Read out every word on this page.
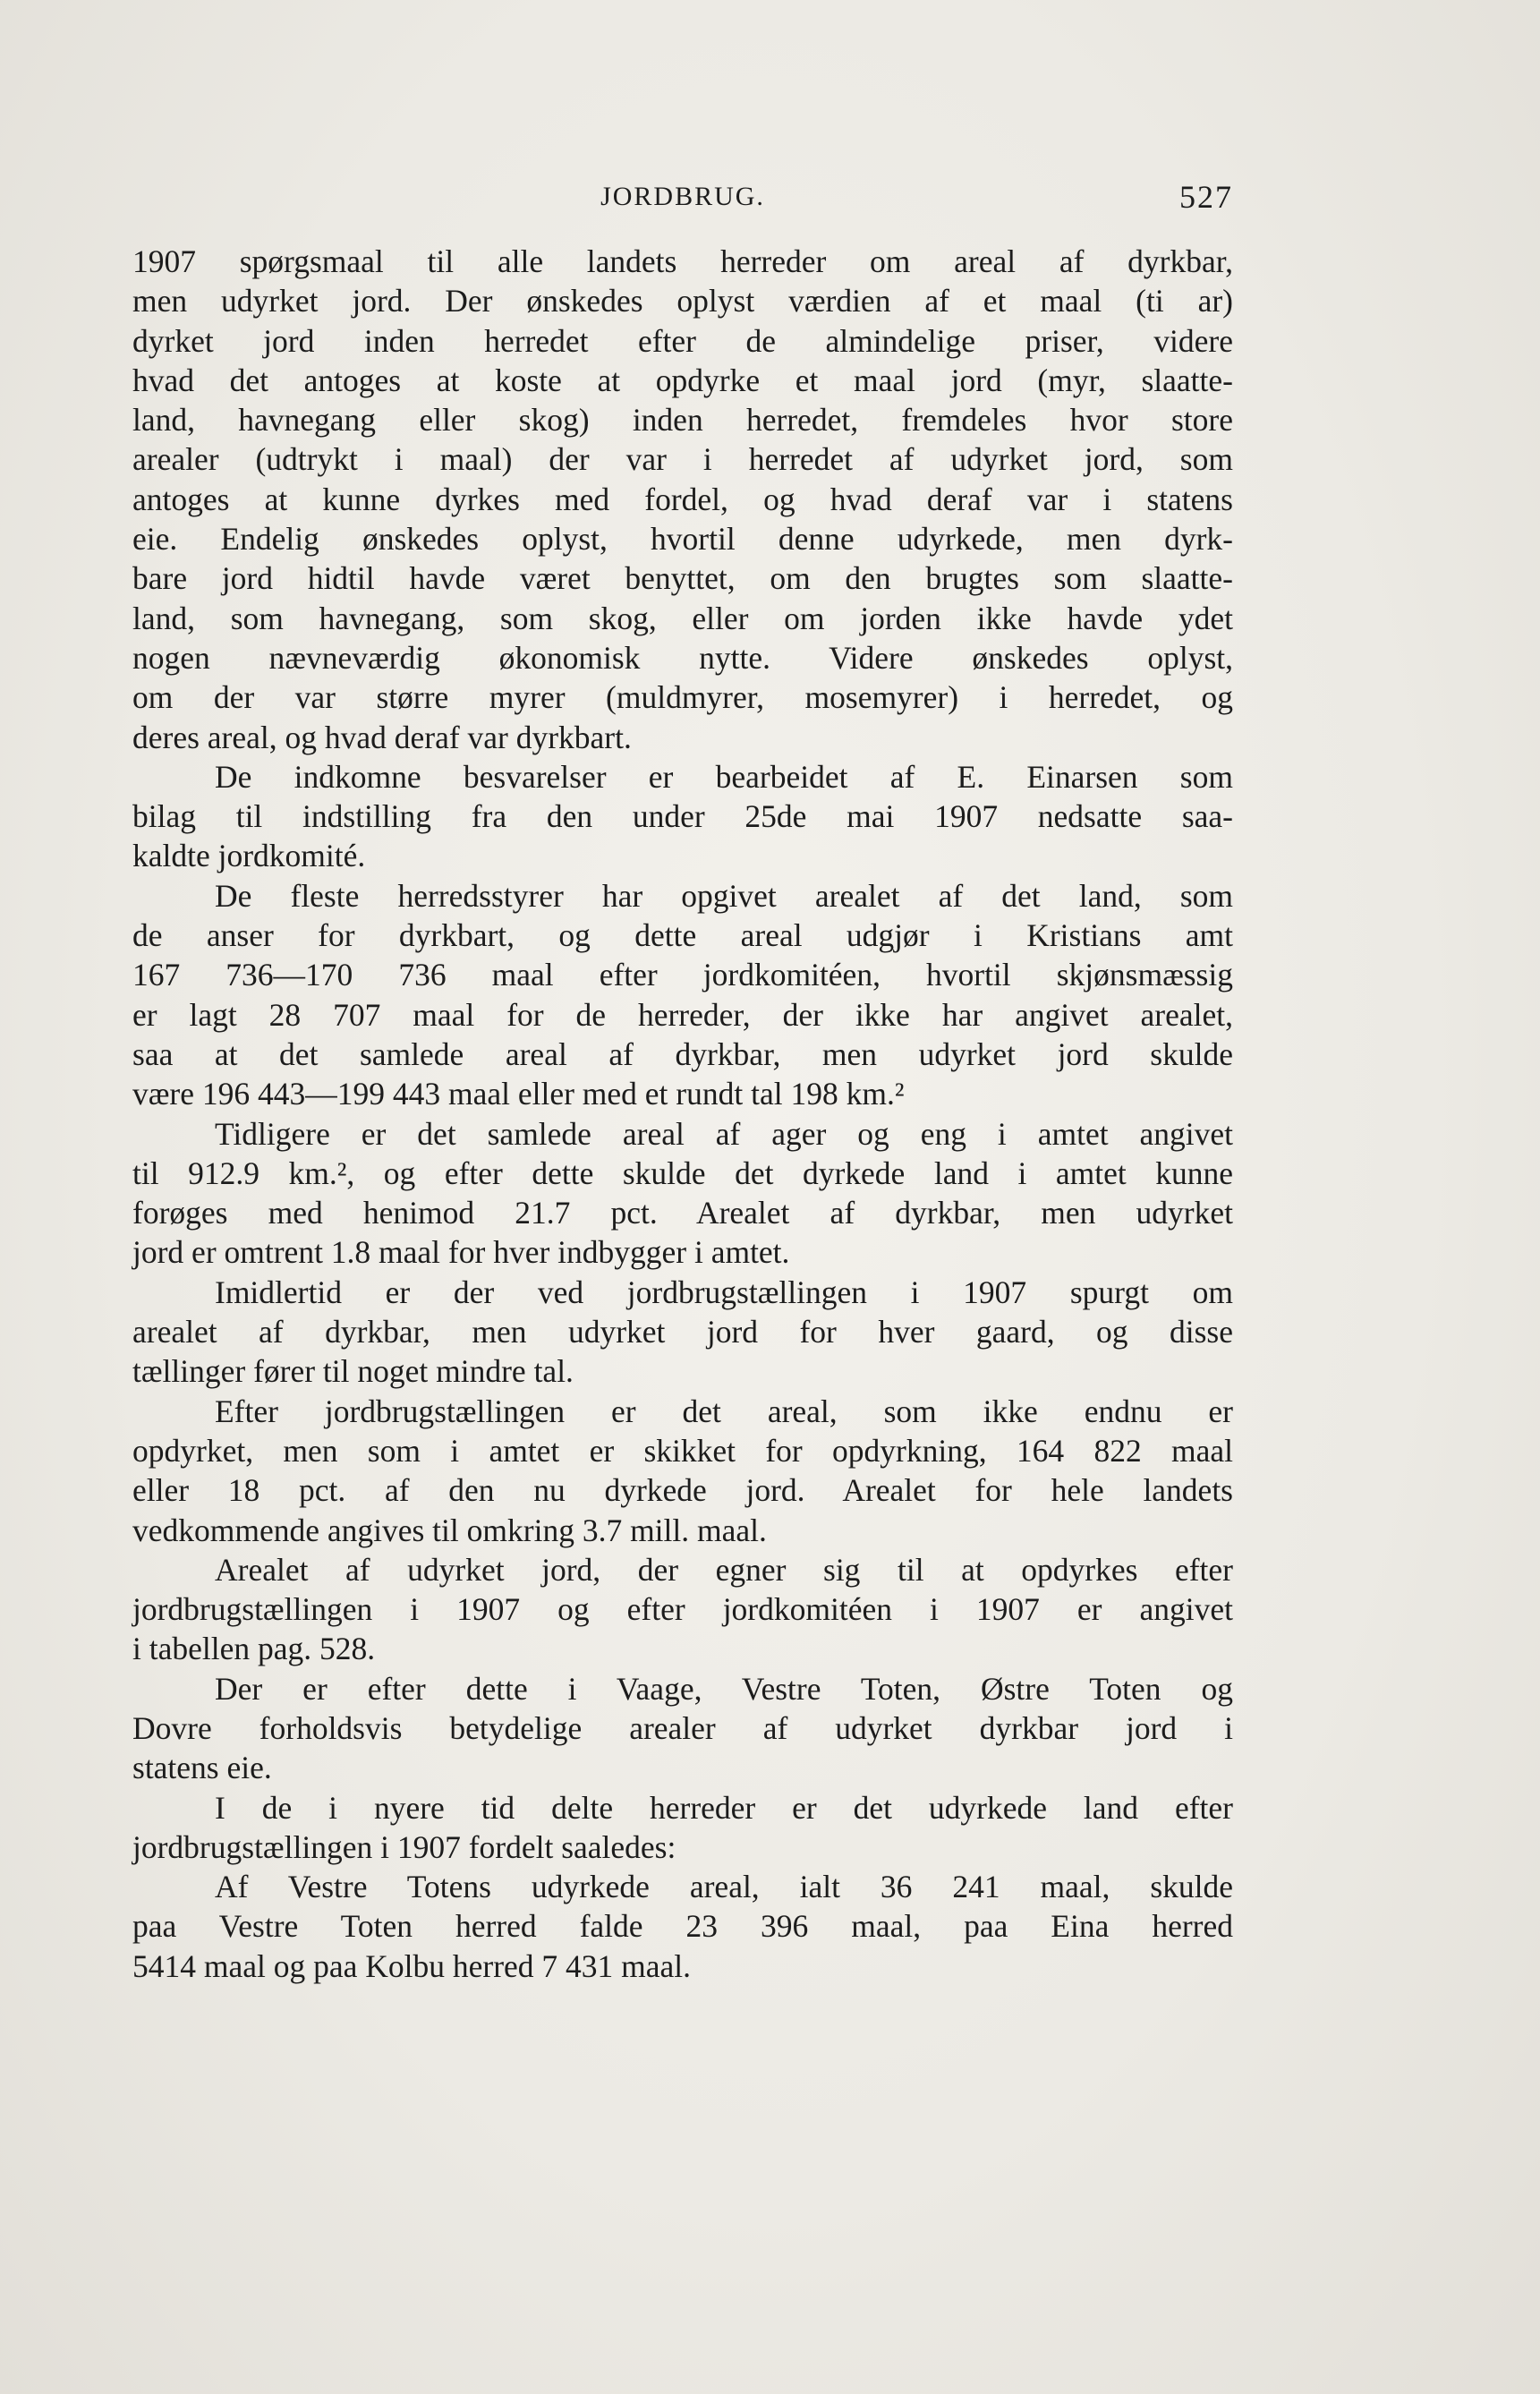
JORDBRUG.	527
1907 spørgsmaal til alle landets herreder om areal af dyrkbar,
men udyrket jord. Der ønskedes oplyst værdien af et maal (ti ar)
dyrket jord inden herredet efter de almindelige priser, videre
hvad det antoges at koste at opdyrke et maal jord (myr, slaatte-
land, havnegang eller skog) inden herredet, fremdeles hvor store
arealer (udtrykt i maal) der var i herredet af udyrket jord, som
antoges at kunne dyrkes med fordel, og hvad deraf var i statens
eie. Endelig ønskedes oplyst, hvortil denne udyrkede, men dyrk-
bare jord hidtil havde været benyttet, om den brugtes som slaatte-
land, som havnegang, som skog, eller om jorden ikke havde ydet
nogen nævneværdig økonomisk nytte. Videre ønskedes oplyst,
om der var større myrer (muldmyrer, mosemyrer) i herredet, og
deres areal, og hvad deraf var dyrkbart.
De indkomne besvarelser er bearbeidet af E. Einarsen som
bilag til indstilling fra den under 25de mai 1907 nedsatte saa-
kaldte jordkomité.
De fleste herredsstyrer har opgivet arealet af det land, som
de anser for dyrkbart, og dette areal udgjør i Kristians amt
167 736—170 736 maal efter jordkomitéen, hvortil skjønsmæssig
er lagt 28 707 maal for de herreder, der ikke har angivet arealet,
saa at det samlede areal af dyrkbar, men udyrket jord skulde
være 196 443—199 443 maal eller med et rundt tal 198 km.²
Tidligere er det samlede areal af ager og eng i amtet angivet
til 912.9 km.², og efter dette skulde det dyrkede land i amtet kunne
forøges med henimod 21.7 pct. Arealet af dyrkbar, men udyrket
jord er omtrent 1.8 maal for hver indbygger i amtet.
Imidlertid er der ved jordbrugstællingen i 1907 spurgt om
arealet af dyrkbar, men udyrket jord for hver gaard, og disse
tællinger fører til noget mindre tal.
Efter jordbrugstællingen er det areal, som ikke endnu er
opdyrket, men som i amtet er skikket for opdyrkning, 164 822 maal
eller 18 pct. af den nu dyrkede jord. Arealet for hele landets
vedkommende angives til omkring 3.7 mill. maal.
Arealet af udyrket jord, der egner sig til at opdyrkes efter
jordbrugstællingen i 1907 og efter jordkomitéen i 1907 er angivet
i tabellen pag. 528.
Der er efter dette i Vaage, Vestre Toten, Østre Toten og
Dovre forholdsvis betydelige arealer af udyrket dyrkbar jord i
statens eie.
I de i nyere tid delte herreder er det udyrkede land efter
jordbrugstællingen i 1907 fordelt saaledes:
Af Vestre Totens udyrkede areal, ialt 36 241 maal, skulde
paa Vestre Toten herred falde 23 396 maal, paa Eina herred
5414 maal og paa Kolbu herred 7 431 maal.
